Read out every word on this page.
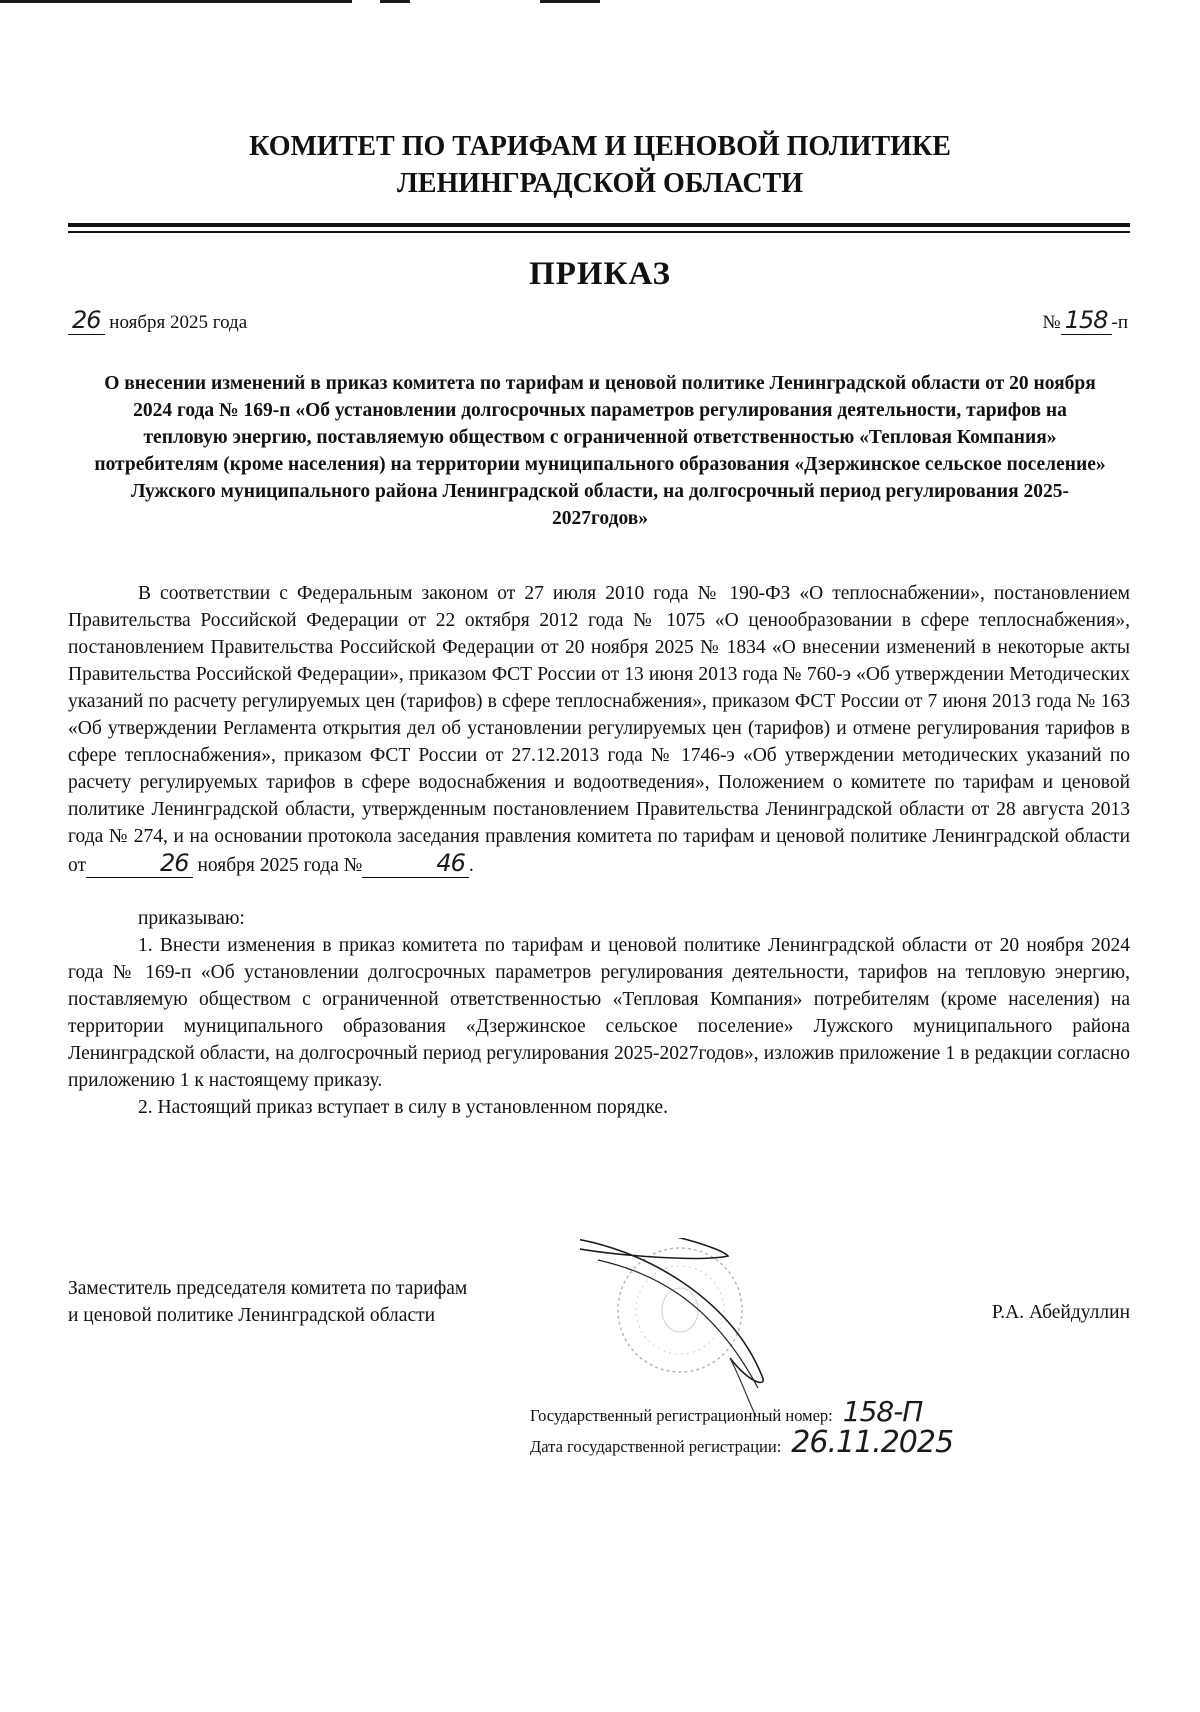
КОМИТЕТ ПО ТАРИФАМ И ЦЕНОВОЙ ПОЛИТИКЕ
ЛЕНИНГРАДСКОЙ ОБЛАСТИ
ПРИКАЗ
26 ноября 2025 года	№ 158 -п
О внесении изменений в приказ комитета по тарифам и ценовой политике Ленинградской области от 20 ноября 2024 года № 169-п «Об установлении долгосрочных параметров регулирования деятельности, тарифов на тепловую энергию, поставляемую обществом с ограниченной ответственностью «Тепловая Компания» потребителям (кроме населения) на территории муниципального образования «Дзержинское сельское поселение» Лужского муниципального района Ленинградской области, на долгосрочный период регулирования 2025-2027годов»

В соответствии с Федеральным законом от 27 июля 2010 года № 190-ФЗ «О теплоснабжении», постановлением Правительства Российской Федерации от 22 октября 2012 года № 1075 «О ценообразовании в сфере теплоснабжения», постановлением Правительства Российской Федерации от 20 ноября 2025 № 1834 «О внесении изменений в некоторые акты Правительства Российской Федерации», приказом ФСТ России от 13 июня 2013 года № 760-э «Об утверждении Методических указаний по расчету регулируемых цен (тарифов) в сфере теплоснабжения», приказом ФСТ России от 7 июня 2013 года № 163 «Об утверждении Регламента открытия дел об установлении регулируемых цен (тарифов) и отмене регулирования тарифов в сфере теплоснабжения», приказом ФСТ России от 27.12.2013 года № 1746-э «Об утверждении методических указаний по расчету регулируемых тарифов в сфере водоснабжения и водоотведения», Положением о комитете по тарифам и ценовой политике Ленинградской области, утвержденным постановлением Правительства Ленинградской области от 28 августа 2013 года № 274, и на основании протокола заседания правления комитета по тарифам и ценовой политике Ленинградской области от	26 ноября 2025 года №	46 .

приказываю:

1. Внести изменения в приказ комитета по тарифам и ценовой политике Ленинградской области от 20 ноября 2024 года № 169-п «Об установлении долгосрочных параметров регулирования деятельности, тарифов на тепловую энергию, поставляемую обществом с ограниченной ответственностью «Тепловая Компания» потребителям (кроме населения) на территории муниципального образования «Дзержинское сельское поселение» Лужского муниципального района Ленинградской области, на долгосрочный период регулирования 2025-2027годов», изложив приложение 1 в редакции согласно приложению 1 к настоящему приказу.

2. Настоящий приказ вступает в силу в установленном порядке.

Заместитель председателя комитета по тарифам
и ценовой политике Ленинградской области	Р.А. Абейдуллин
Государственный регистрационный номер: 158-П
Дата государственной регистрации: 26.11.2025
